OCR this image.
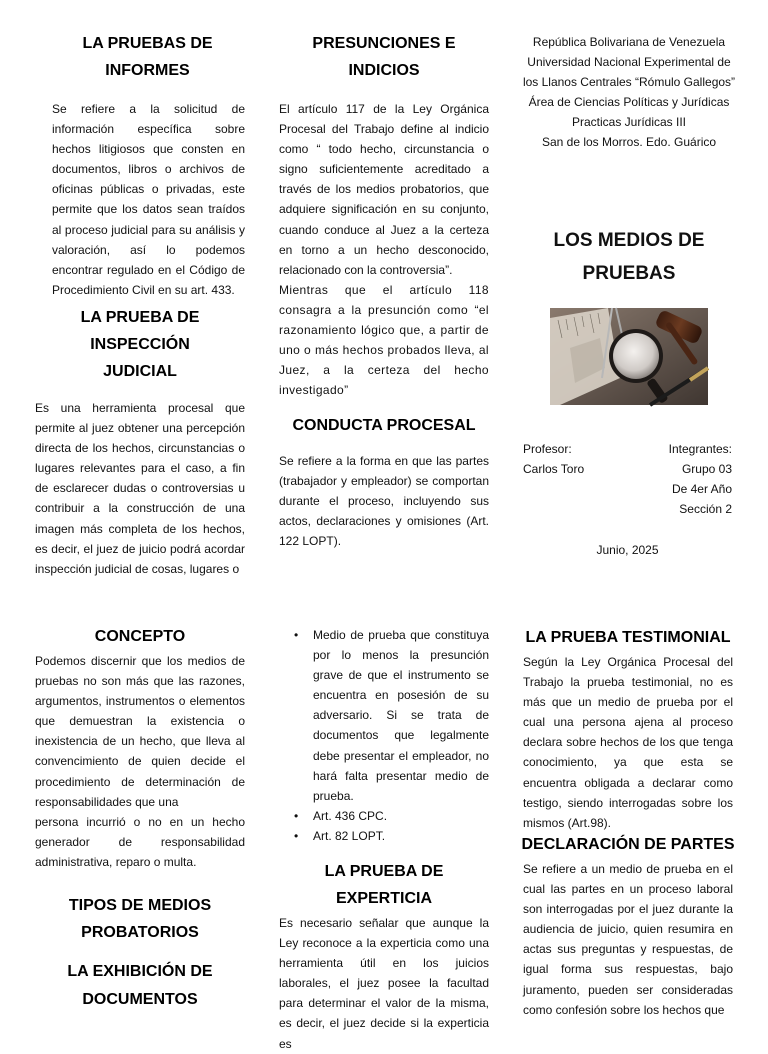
LA PRUEBAS DE INFORMES
Se refiere a la solicitud de información específica sobre hechos litigiosos que consten en documentos, libros o archivos de oficinas públicas o privadas, este permite que los datos sean traídos al proceso judicial para su análisis y valoración, así lo podemos encontrar regulado en el Código de Procedimiento Civil en su art. 433.
LA PRUEBA DE INSPECCIÓN JUDICIAL
Es una herramienta procesal que permite al juez obtener una percepción directa de los hechos, circunstancias o lugares relevantes para el caso, a fin de esclarecer dudas o controversias u contribuir a la construcción de una imagen más completa de los hechos, es decir, el juez de juicio podrá acordar inspección judicial de cosas, lugares o
PRESUNCIONES E INDICIOS
El artículo 117 de la Ley Orgánica Procesal del Trabajo define al indicio como “ todo hecho, circunstancia o signo suficientemente acreditado a través de los medios probatorios, que adquiere significación en su conjunto, cuando conduce al Juez a la certeza en torno a un hecho desconocido, relacionado con la controversia”.
Mientras que el artículo 118 consagra a la presunción como “el razonamiento lógico que, a partir de uno o más hechos probados lleva, al Juez, a la certeza del hecho investigado”
CONDUCTA PROCESAL
Se refiere a la forma en que las partes (trabajador y empleador) se comportan durante el proceso, incluyendo sus actos, declaraciones y omisiones (Art. 122 LOPT).
República Bolivariana de Venezuela
Universidad Nacional Experimental de
los Llanos Centrales “Rómulo Gallegos”
Área de Ciencias Políticas y Jurídicas
Practicas Jurídicas III
San de los Morros. Edo. Guárico
LOS MEDIOS DE PRUEBAS
Profesor:	Integrantes:
Carlos Toro	Grupo 03
De 4er Año
Sección 2
Junio, 2025
CONCEPTO
Podemos discernir que los medios de pruebas no son más que las razones, argumentos, instrumentos o elementos que demuestran la existencia o inexistencia de un hecho, que lleva al convencimiento de quien decide el procedimiento de determinación de responsabilidades que una
persona incurrió o no en un hecho generador de responsabilidad administrativa, reparo o multa.
TIPOS DE MEDIOS PROBATORIOS
LA EXHIBICIÓN DE DOCUMENTOS
• Medio de prueba que constituya por lo menos la presunción grave de que el instrumento se encuentra en posesión de su adversario. Si se trata de documentos que legalmente debe presentar el empleador, no hará falta presentar medio de prueba.
• Art. 436 CPC.
• Art. 82 LOPT.
LA PRUEBA DE EXPERTICIA
Es necesario señalar que aunque la Ley reconoce a la experticia como una herramienta útil en los juicios laborales, el juez posee la facultad para determinar el valor de la misma, es decir, el juez decide si la experticia es
LA PRUEBA TESTIMONIAL
Según la Ley Orgánica Procesal del Trabajo la prueba testimonial, no es más que un medio de prueba por el cual una persona ajena al proceso declara sobre hechos de los que tenga conocimiento, ya que esta se encuentra obligada a declarar como testigo, siendo interrogadas sobre los mismos (Art.98).
DECLARACIÓN DE PARTES
Se refiere a un medio de prueba en el cual las partes en un proceso laboral son interrogadas por el juez durante la audiencia de juicio, quien resumira en actas sus preguntas y respuestas, de igual forma sus respuestas, bajo juramento, pueden ser consideradas como confesión sobre los hechos que
